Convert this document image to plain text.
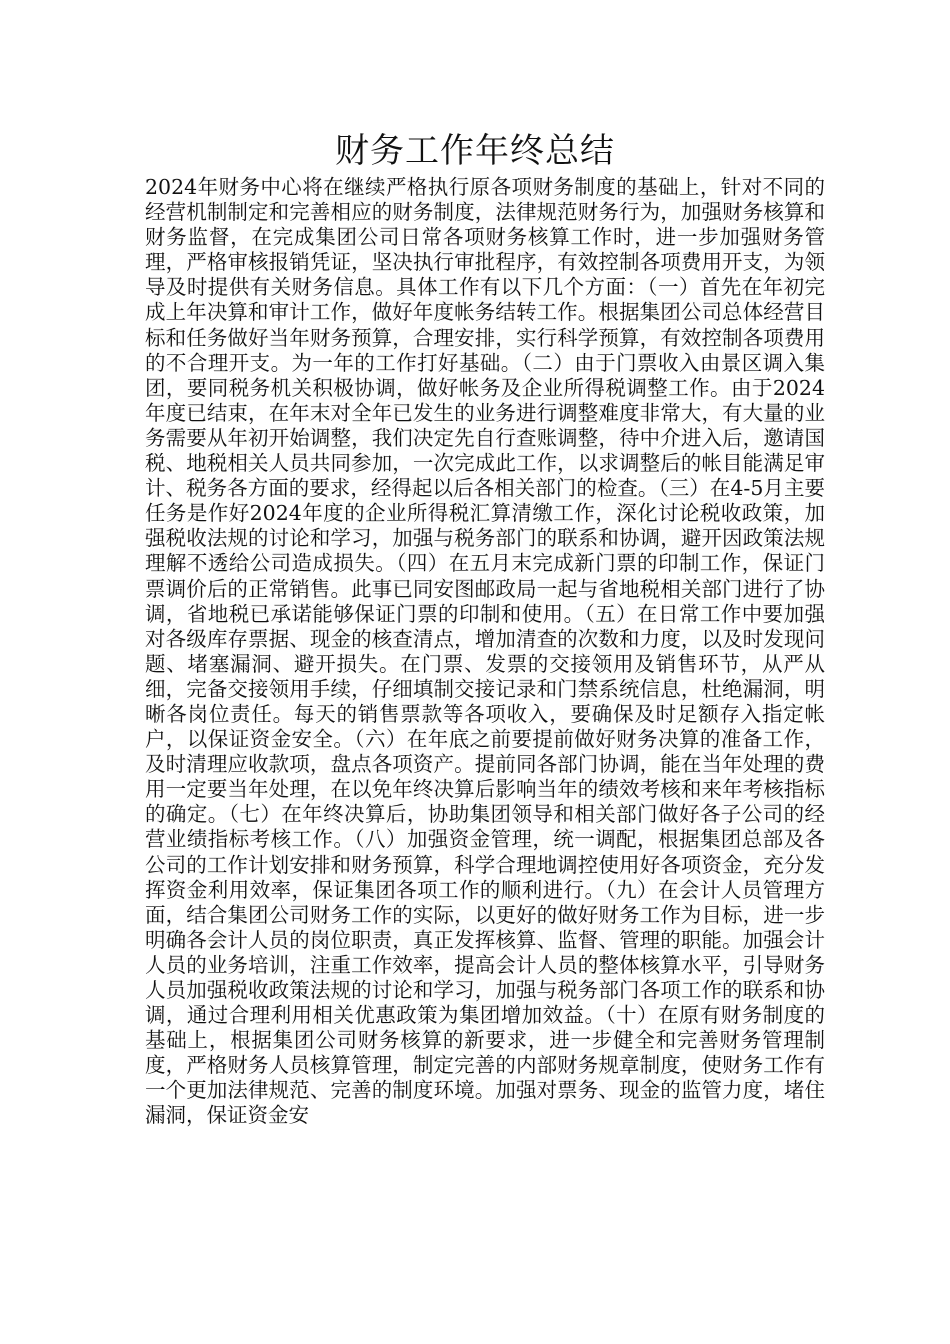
财务工作年终总结

2024年财务中心将在继续严格执行原各项财务制度的基础上，针对不同的经营机制制定和完善相应的财务制度，法律规范财务行为，加强财务核算和财务监督，在完成集团公司日常各项财务核算工作时，进一步加强财务管理，严格审核报销凭证，坚决执行审批程序，有效控制各项费用开支，为领导及时提供有关财务信息。具体工作有以下几个方面：（一）首先在年初完成上年决算和审计工作，做好年度帐务结转工作。根据集团公司总体经营目标和任务做好当年财务预算，合理安排，实行科学预算，有效控制各项费用的不合理开支。为一年的工作打好基础。（二）由于门票收入由景区调入集团，要同税务机关积极协调，做好帐务及企业所得税调整工作。由于2024年度已结束，在年末对全年已发生的业务进行调整难度非常大，有大量的业务需要从年初开始调整，我们决定先自行查账调整，待中介进入后，邀请国税、地税相关人员共同参加，一次完成此工作，以求调整后的帐目能满足审计、税务各方面的要求，经得起以后各相关部门的检查。（三）在4-5月主要任务是作好2024年度的企业所得税汇算清缴工作，深化讨论税收政策，加强税收法规的讨论和学习，加强与税务部门的联系和协调，避开因政策法规理解不透给公司造成损失。（四）在五月末完成新门票的印制工作，保证门票调价后的正常销售。此事已同安图邮政局一起与省地税相关部门进行了协调，省地税已承诺能够保证门票的印制和使用。（五）在日常工作中要加强对各级库存票据、现金的核查清点，增加清查的次数和力度，以及时发现问题、堵塞漏洞、避开损失。在门票、发票的交接领用及销售环节，从严从细，完备交接领用手续，仔细填制交接记录和门禁系统信息，杜绝漏洞，明晰各岗位责任。每天的销售票款等各项收入，要确保及时足额存入指定帐户，以保证资金安全。（六）在年底之前要提前做好财务决算的准备工作，及时清理应收款项，盘点各项资产。提前同各部门协调，能在当年处理的费用一定要当年处理，在以免年终决算后影响当年的绩效考核和来年考核指标的确定。（七）在年终决算后，协助集团领导和相关部门做好各子公司的经营业绩指标考核工作。（八）加强资金管理，统一调配，根据集团总部及各公司的工作计划安排和财务预算，科学合理地调控使用好各项资金，充分发挥资金利用效率，保证集团各项工作的顺利进行。（九）在会计人员管理方面，结合集团公司财务工作的实际，以更好的做好财务工作为目标，进一步明确各会计人员的岗位职责，真正发挥核算、监督、管理的职能。加强会计人员的业务培训，注重工作效率，提高会计人员的整体核算水平，引导财务人员加强税收政策法规的讨论和学习，加强与税务部门各项工作的联系和协调，通过合理利用相关优惠政策为集团增加效益。（十）在原有财务制度的基础上，根据集团公司财务核算的新要求，进一步健全和完善财务管理制度，严格财务人员核算管理，制定完善的内部财务规章制度，使财务工作有一个更加法律规范、完善的制度环境。加强对票务、现金的监管力度，堵住漏洞，保证资金安
